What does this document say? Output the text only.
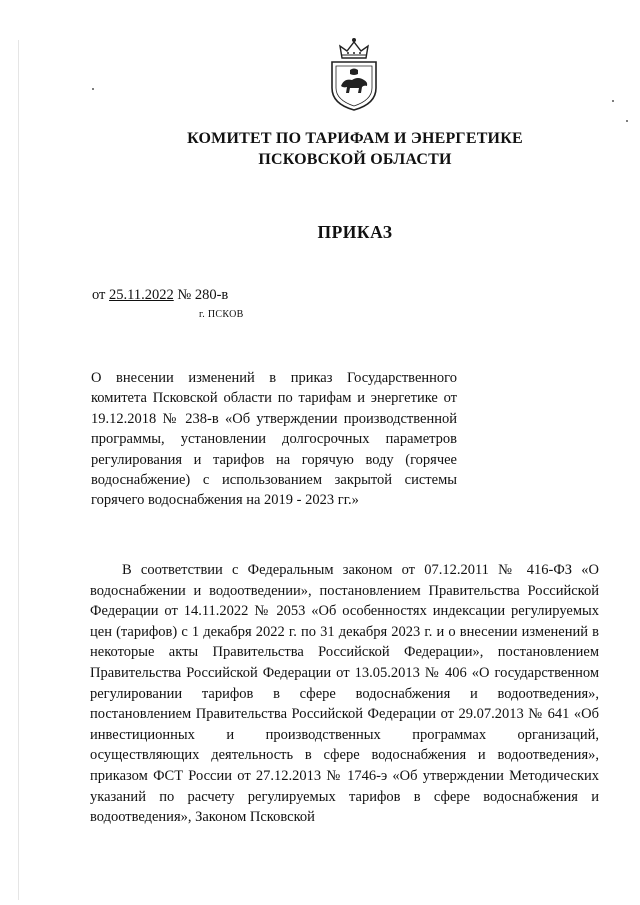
КОМИТЕТ ПО ТАРИФАМ И ЭНЕРГЕТИКЕ
ПСКОВСКОЙ ОБЛАСТИ
ПРИКАЗ
от 25.11.2022 № 280-в
г. ПСКОВ

О внесении изменений в приказ Государственного комитета Псковской области по тарифам и энергетике от 19.12.2018 № 238-в «Об утверждении производственной программы, установлении долгосрочных параметров регулирования и тарифов на горячую воду (горячее водоснабжение) с использованием закрытой системы горячего водоснабжения на 2019 - 2023 гг.»

В соответствии с Федеральным законом от 07.12.2011 № 416-ФЗ «О водоснабжении и водоотведении», постановлением Правительства Российской Федерации от 14.11.2022 № 2053 «Об особенностях индексации регулируемых цен (тарифов) с 1 декабря 2022 г. по 31 декабря 2023 г. и о внесении изменений в некоторые акты Правительства Российской Федерации», постановлением Правительства Российской Федерации от 13.05.2013 № 406 «О государственном регулировании тарифов в сфере водоснабжения и водоотведения», постановлением Правительства Российской Федерации от 29.07.2013 № 641 «Об инвестиционных и производственных программах организаций, осуществляющих деятельность в сфере водоснабжения и водоотведения», приказом ФСТ России от 27.12.2013 № 1746-э «Об утверждении Методических указаний по расчету регулируемых тарифов в сфере водоснабжения и водоотведения», Законом Псковской
